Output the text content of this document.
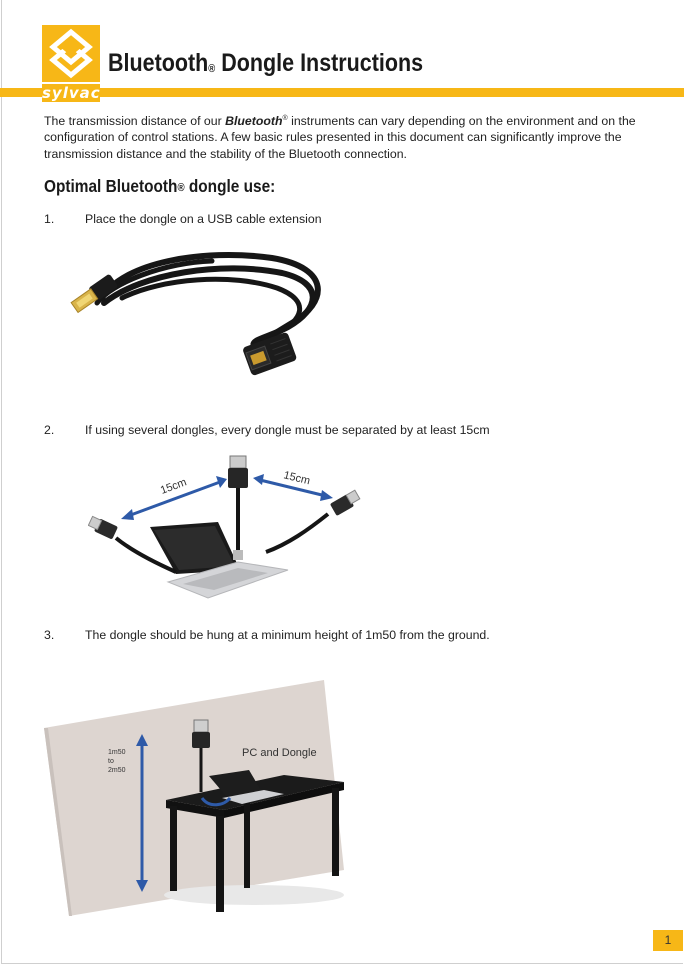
sylvac
Bluetooth® Dongle Instructions

The transmission distance of our Bluetooth® instruments can vary depending on the environment and on the configuration of control stations. A few basic rules presented in this document can significantly improve the transmission distance and the stability of the Bluetooth connection.

Optimal Bluetooth® dongle use:
1. Place the dongle on a USB cable extension
2. If using several dongles, every dongle must be separated by at least 15cm
15cm	15cm
3. The dongle should be hung at a minimum height of 1m50 from the ground.
1m50
to
2m50
PC and Dongle
1
